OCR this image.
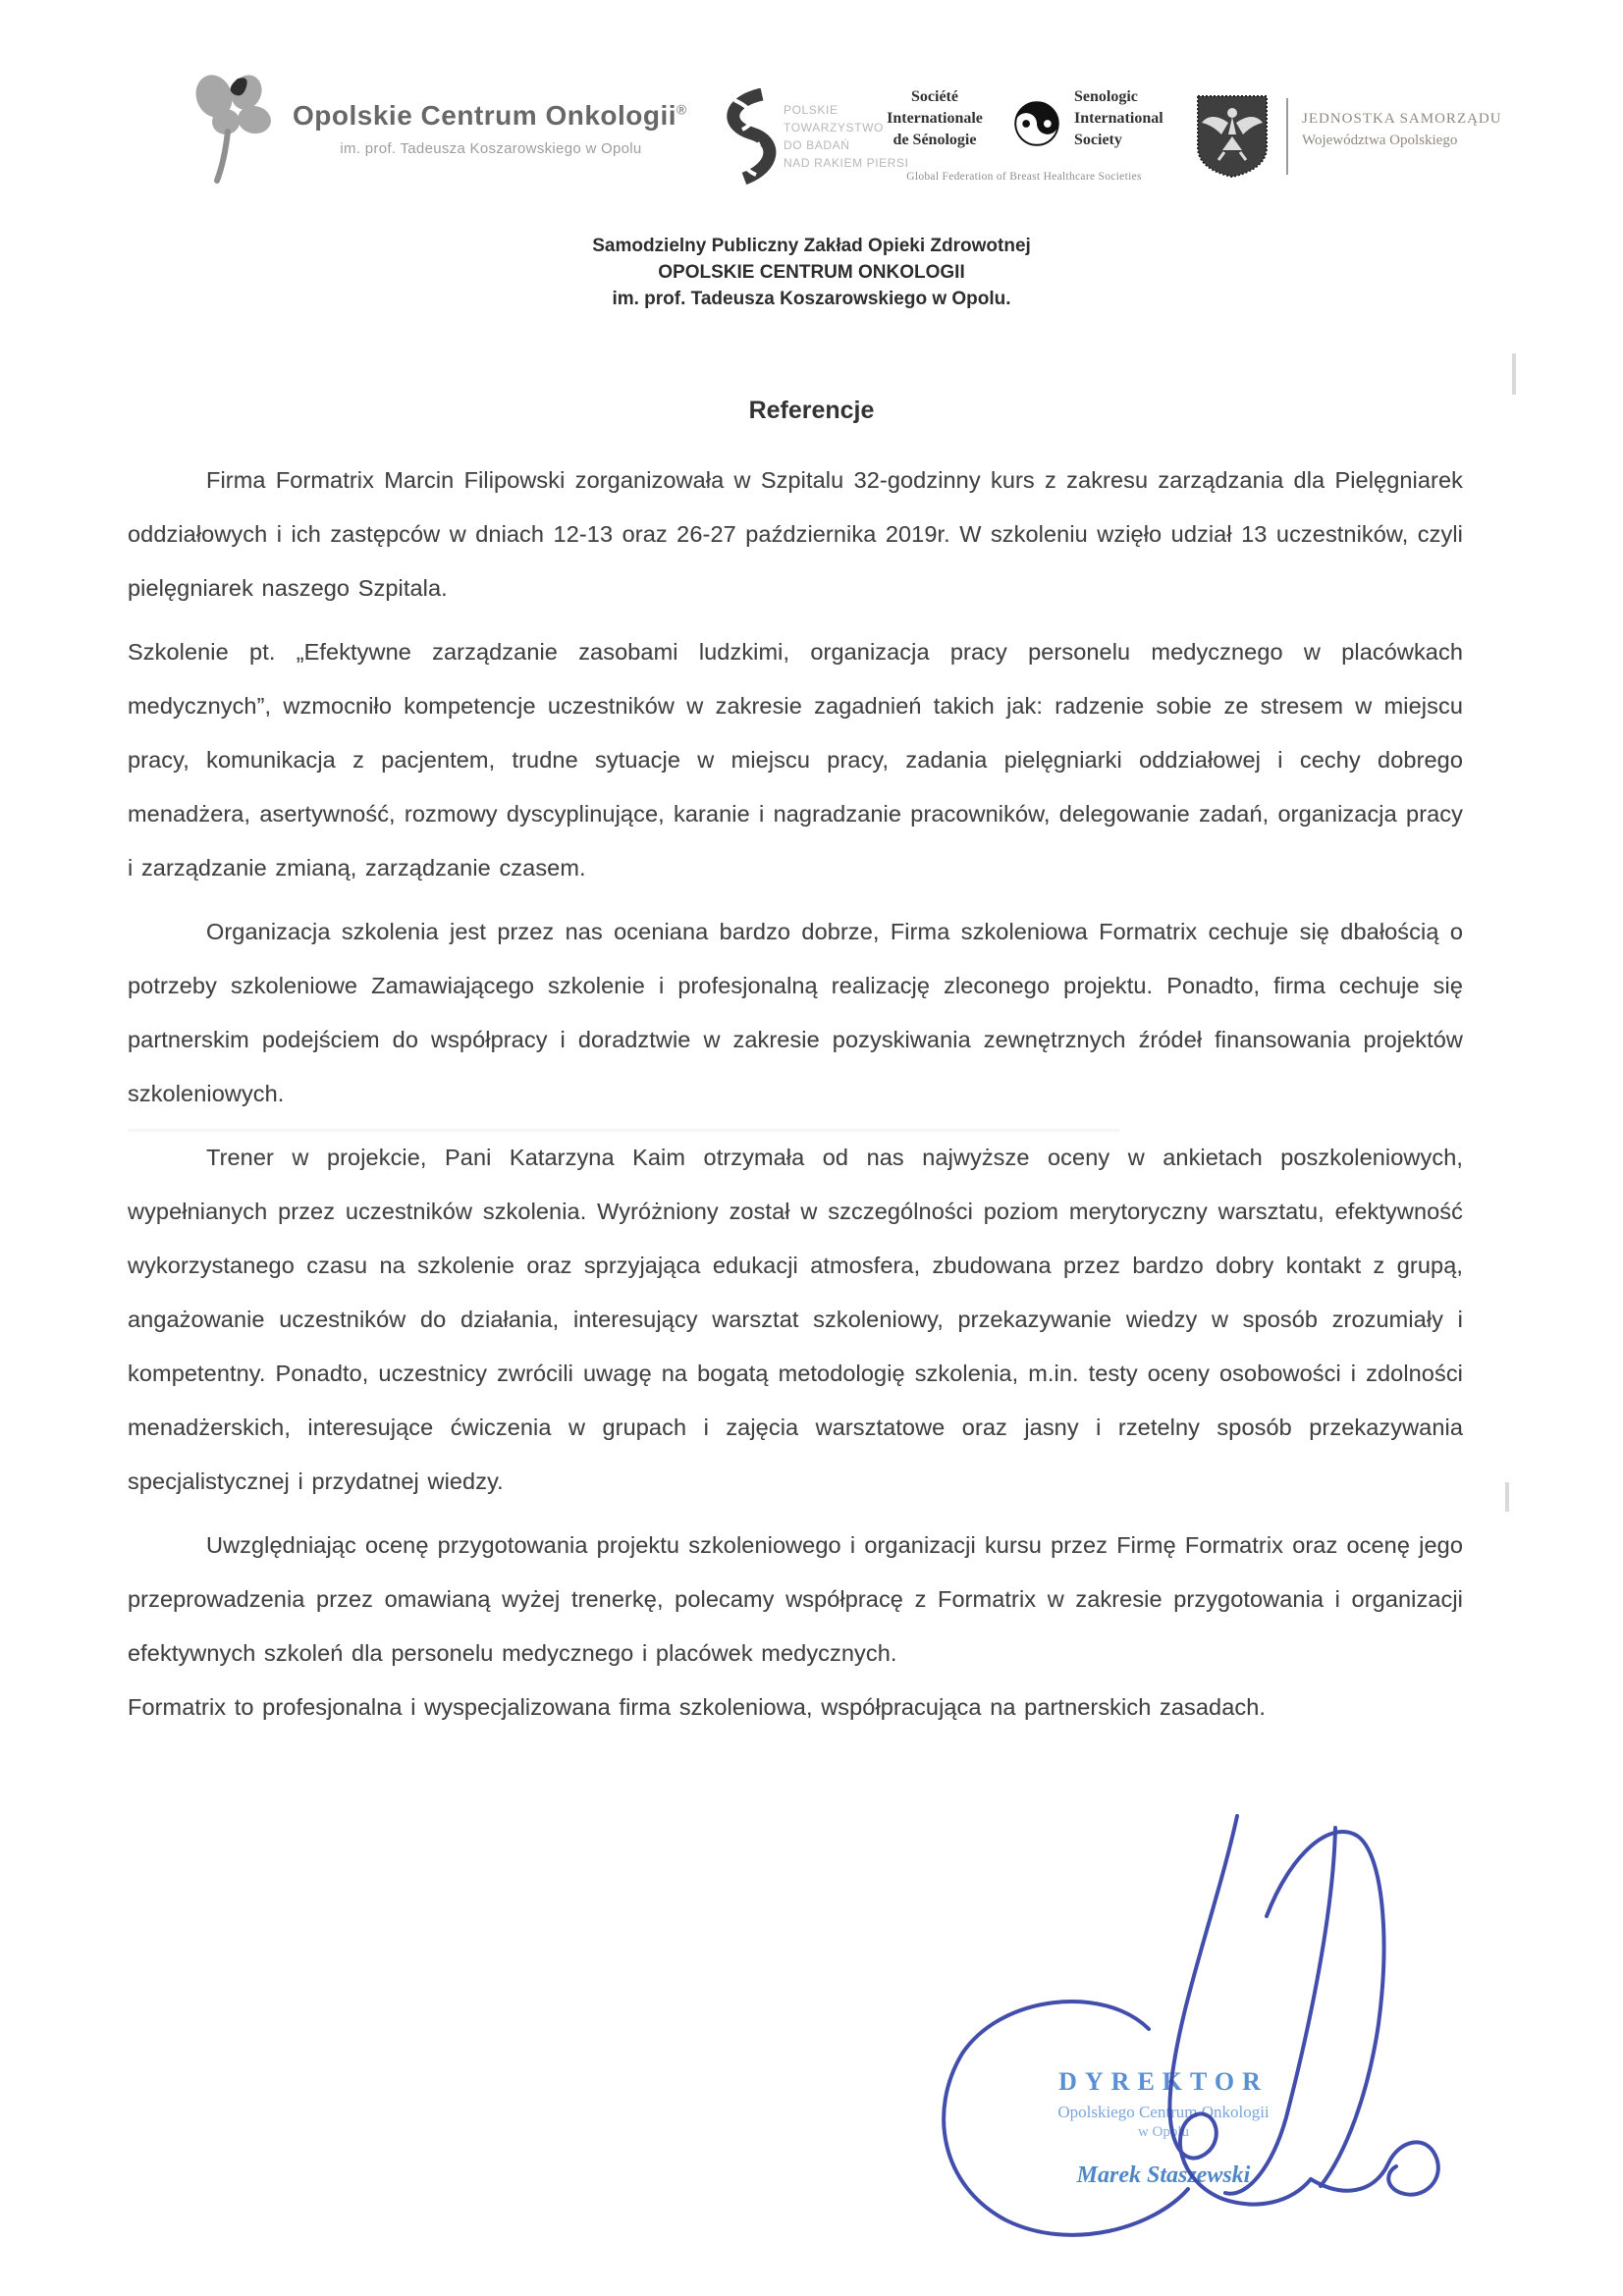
Opolskie Centrum Onkologii®
im. prof. Tadeusza Koszarowskiego w Opolu
POLSKIE
TOWARZYSTWO
DO BADAŃ
NAD RAKIEM PIERSI
Société
Internationale
de Sénologie
Senologic
International
Society
Global Federation of Breast Healthcare Societies
JEDNOSTKA SAMORZĄDU
Województwa Opolskiego
Samodzielny Publiczny Zakład Opieki Zdrowotnej
OPOLSKIE CENTRUM ONKOLOGII
im. prof. Tadeusza Koszarowskiego w Opolu.
Referencje

Firma Formatrix Marcin Filipowski zorganizowała w Szpitalu 32-godzinny kurs z zakresu zarządzania dla Pielęgniarek oddziałowych i ich zastępców w dniach 12-13 oraz 26-27 października 2019r. W szkoleniu wzięło udział 13 uczestników, czyli pielęgniarek naszego Szpitala.

Szkolenie pt. „Efektywne zarządzanie zasobami ludzkimi, organizacja pracy personelu medycznego w placówkach medycznych”, wzmocniło kompetencje uczestników w zakresie zagadnień takich jak: radzenie sobie ze stresem w miejscu pracy, komunikacja z pacjentem, trudne sytuacje w miejscu pracy, zadania pielęgniarki oddziałowej i cechy dobrego menadżera, asertywność, rozmowy dyscyplinujące, karanie i nagradzanie pracowników, delegowanie zadań, organizacja pracy i zarządzanie zmianą, zarządzanie czasem.

Organizacja szkolenia jest przez nas oceniana bardzo dobrze, Firma szkoleniowa Formatrix cechuje się dbałością o potrzeby szkoleniowe Zamawiającego szkolenie i profesjonalną realizację zleconego projektu. Ponadto, firma cechuje się partnerskim podejściem do współpracy i doradztwie w zakresie pozyskiwania zewnętrznych źródeł finansowania projektów szkoleniowych.

Trener w projekcie, Pani Katarzyna Kaim otrzymała od nas najwyższe oceny w ankietach poszkoleniowych, wypełnianych przez uczestników szkolenia. Wyróżniony został w szczególności poziom merytoryczny warsztatu, efektywność wykorzystanego czasu na szkolenie oraz sprzyjająca edukacji atmosfera, zbudowana przez bardzo dobry kontakt z grupą, angażowanie uczestników do działania, interesujący warsztat szkoleniowy, przekazywanie wiedzy w sposób zrozumiały i kompetentny. Ponadto, uczestnicy zwrócili uwagę na bogatą metodologię szkolenia, m.in. testy oceny osobowości i zdolności menadżerskich, interesujące ćwiczenia w grupach i zajęcia warsztatowe oraz jasny i rzetelny sposób przekazywania specjalistycznej i przydatnej wiedzy.

Uwzględniając ocenę przygotowania projektu szkoleniowego i organizacji kursu przez Firmę Formatrix oraz ocenę jego przeprowadzenia przez omawianą wyżej trenerkę, polecamy współpracę z Formatrix w zakresie przygotowania i organizacji efektywnych szkoleń dla personelu medycznego i placówek medycznych.

Formatrix to profesjonalna i wyspecjalizowana firma szkoleniowa, współpracująca na partnerskich zasadach.

DYREKTOR
Opolskiego Centrum Onkologii
w Opolu
Marek Staszewski
